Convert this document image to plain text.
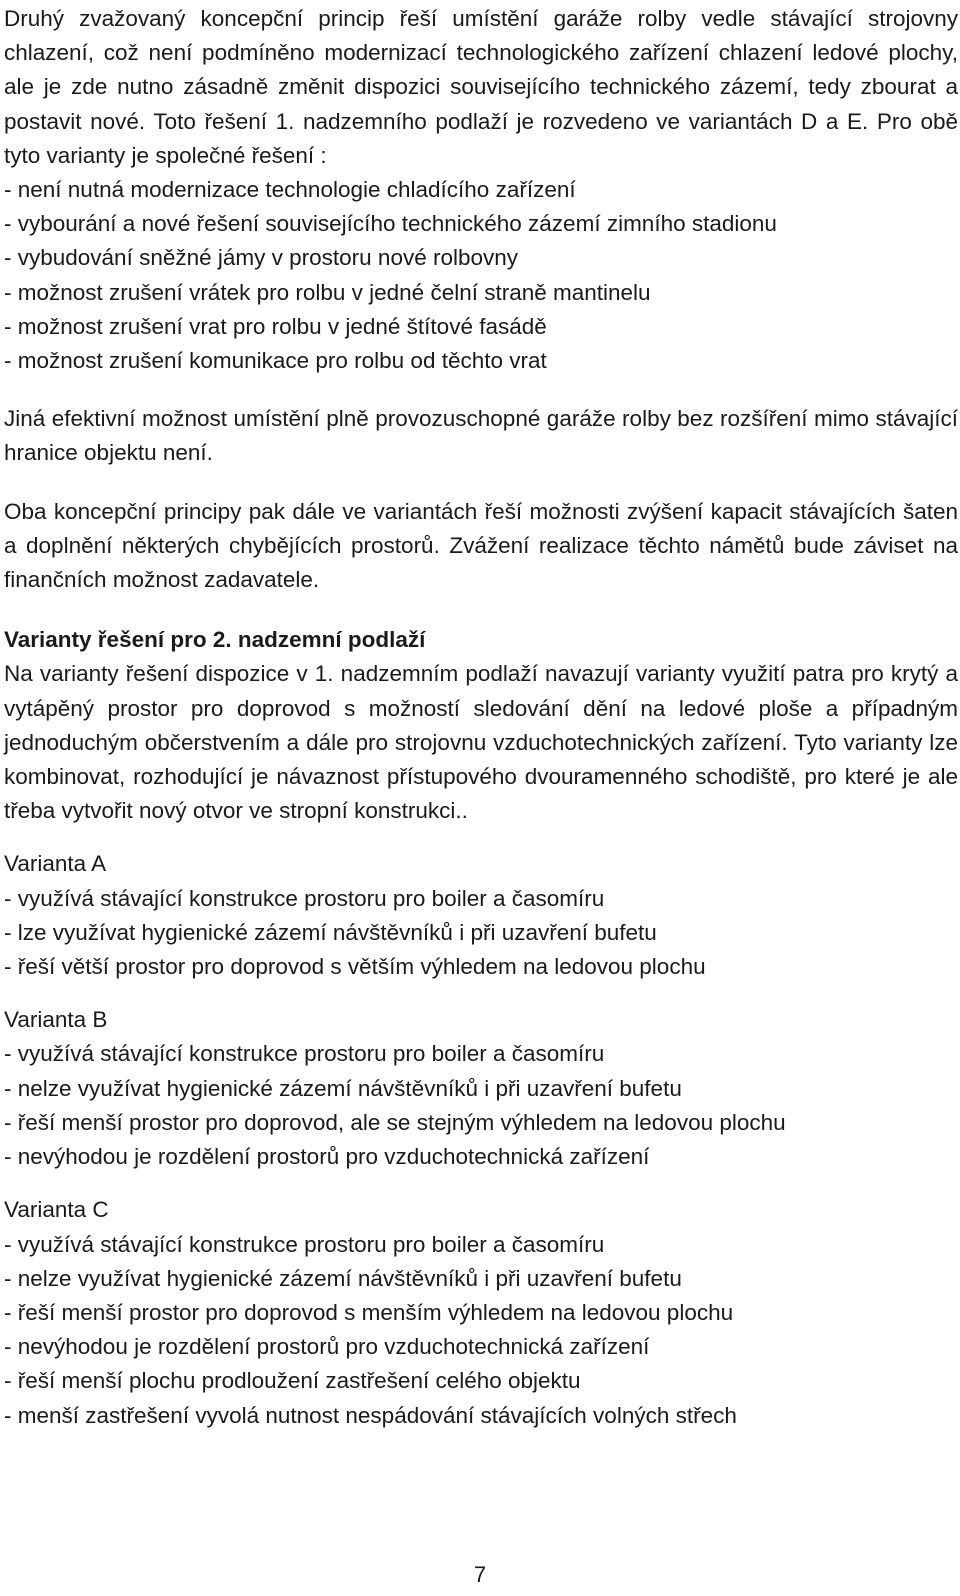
Druhý zvažovaný koncepční princip řeší umístění garáže rolby vedle stávající strojovny chlazení, což není podmíněno modernizací technologického zařízení chlazení ledové plochy, ale je zde nutno zásadně změnit dispozici souvisejícího technického zázemí, tedy zbourat a postavit nové. Toto řešení 1. nadzemního podlaží je rozvedeno ve variantách D a E. Pro obě tyto varianty je společné řešení :

- není nutná modernizace technologie chladícího zařízení

- vybourání a nové řešení souvisejícího technického zázemí zimního stadionu

- vybudování sněžné jámy v prostoru nové rolbovny

- možnost zrušení vrátek pro rolbu v jedné čelní straně mantinelu

- možnost zrušení vrat pro rolbu v jedné štítové fasádě

- možnost zrušení komunikace pro rolbu od těchto vrat

Jiná efektivní možnost umístění plně provozuschopné garáže rolby bez rozšíření mimo stávající hranice objektu není.

Oba koncepční principy pak dále ve variantách řeší možnosti zvýšení kapacit stávajících šaten a doplnění některých chybějících prostorů. Zvážení realizace těchto námětů bude záviset na finančních možnost zadavatele.

Varianty řešení pro 2. nadzemní podlaží

Na varianty řešení dispozice v 1. nadzemním podlaží navazují varianty využití patra pro krytý a vytápěný prostor pro doprovod s možností sledování dění na ledové ploše a případným jednoduchým občerstvením a dále pro strojovnu vzduchotechnických zařízení. Tyto varianty lze kombinovat, rozhodující je návaznost přístupového dvouramenného schodiště, pro které je ale třeba vytvořit nový otvor ve stropní konstrukci..

Varianta A

- využívá stávající konstrukce prostoru pro boiler a časomíru

- lze využívat hygienické zázemí návštěvníků i při uzavření bufetu

- řeší větší prostor pro doprovod s větším výhledem na ledovou plochu

Varianta B

- využívá stávající konstrukce prostoru pro boiler a časomíru

- nelze využívat hygienické zázemí návštěvníků i při uzavření bufetu

- řeší menší prostor pro doprovod, ale se stejným výhledem na ledovou plochu

- nevýhodou je rozdělení prostorů pro vzduchotechnická zařízení

Varianta C

- využívá stávající konstrukce prostoru pro boiler a časomíru

- nelze využívat hygienické zázemí návštěvníků i při uzavření bufetu

- řeší menší prostor pro doprovod s menším výhledem na ledovou plochu

- nevýhodou je rozdělení prostorů pro vzduchotechnická zařízení

- řeší menší plochu prodloužení zastřešení celého objektu

- menší zastřešení vyvolá nutnost nespádování stávajících volných střech

7
